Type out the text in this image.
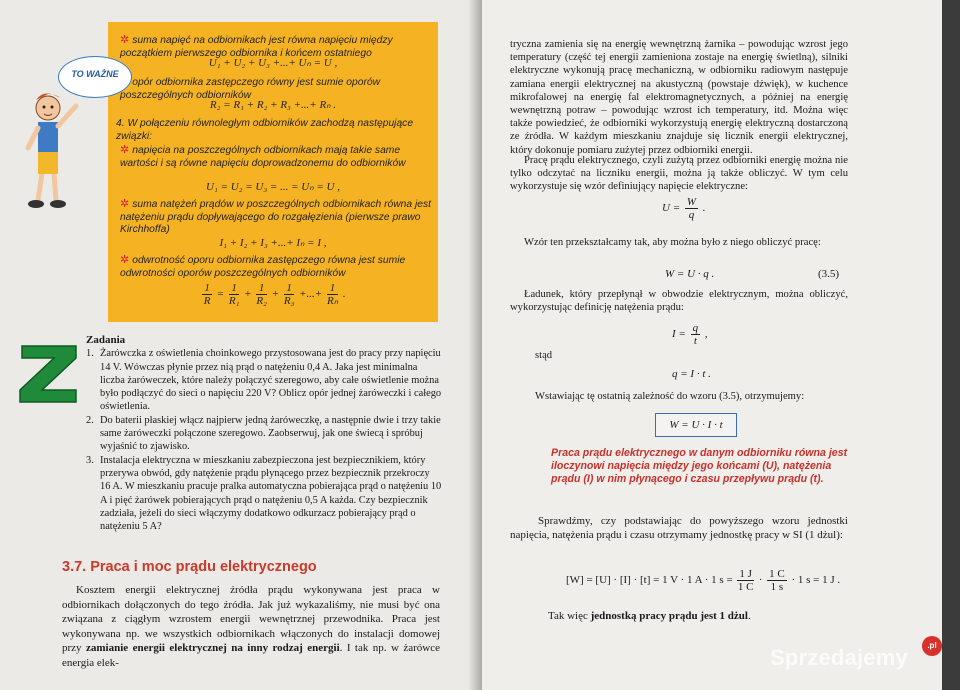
✲ suma napięć na odbiornikach jest równa napięciu między początkiem pierwszego odbiornika i końcem ostatniego
U₁ + U₂ + U₃ +...+ Uₙ = U ,
opór odbiornika zastępczego równy jest sumie oporów poszczególnych odbiorników
R₂ = R₁ + R₂ + R₃ +...+ Rₙ .
4. W połączeniu równoległym odbiorników zachodzą następujące związki:
✲ napięcia na poszczególnych odbiornikach mają takie same wartości i są równe napięciu doprowadzonemu do odbiorników
U₁ = U₂ = U₃ = ... = Uₙ = U ,
✲ suma natężeń prądów w poszczególnych odbiornikach równa jest natężeniu prądu dopływającego do rozgałęzienia (pierwsze prawo Kirchhoffa)
I₁ + I₂ + I₃ +...+ Iₙ = I ,
✲ odwrotność oporu odbiornika zastępczego równa jest sumie odwrotności oporów poszczególnych odbiorników
$\frac{1}{R} = \frac{1}{\text{R₁}} + \frac{1}{\text{R₂}} + \frac{1}{\text{R₃}}$ +...+ $\frac{1}{\text{Rₙ}}$ .
TO WAŻNE
Zadania
1. Żarówczka z oświetlenia choinkowego przystosowana jest do pracy przy napięciu 14 V. Wówczas płynie przez nią prąd o natężeniu 0,4 A. Jaka jest minimalna liczba żaróweczek, które należy połączyć szeregowo, aby całe oświetlenie można było podłączyć do sieci o napięciu 220 V? Oblicz opór jednej żaróweczki i całego oświetlenia.
2. Do baterii płaskiej włącz najpierw jedną żaróweczkę, a następnie dwie i trzy takie same żaróweczki połączone szeregowo. Zaobserwuj, jak one świecą i spróbuj wyjaśnić to zjawisko.
3. Instalacja elektryczna w mieszkaniu zabezpieczona jest bezpiecznikiem, który przerywa obwód, gdy natężenie prądu płynącego przez bezpiecznik przekroczy 16 A. W mieszkaniu pracuje pralka automatyczna pobierająca prąd o natężeniu 10 A i pięć żarówek pobierających prąd o natężeniu 0,5 A każda. Czy bezpiecznik zadziała, jeżeli do sieci włączymy dodatkowo odkurzacz pobierający prąd o natężeniu 5 A?
3.7. Praca i moc prądu elektrycznego
Kosztem energii elektrycznej źródła prądu wykonywana jest praca w odbiornikach dołączonych do tego źródła. Jak już wykazaliśmy, nie musi być ona związana z ciągłym wzrostem energii wewnętrznej przewodnika. Praca jest wykonywana np. we wszystkich odbiornikach włączonych do instalacji domowej przy zamianie energii elektrycznej na inny rodzaj energii. I tak np. w żarówce energia elek-
tryczna zamienia się na energię wewnętrzną żarnika – powodując wzrost jego temperatury (część tej energii zamieniona zostaje na energię świetlną), silniki elektryczne wykonują pracę mechaniczną, w odbiorniku radiowym następuje zamiana energii elektrycznej na akustyczną (powstaje dźwięk), w kuchence mikrofalowej na energię fal elektromagnetycznych, a później na energię wewnętrzną potraw – powodując wzrost ich temperatury, itd. Można więc także powiedzieć, że odbiorniki wykorzystują energię elektryczną dostarczoną ze źródła. W każdym mieszkaniu znajduje się licznik energii elektrycznej, który dokonuje pomiaru zużytej przez odbiorniki energii.
Pracę prądu elektrycznego, czyli zużytą przez odbiorniki energię można nie tylko odczytać na liczniku energii, można ją także obliczyć. W tym celu wykorzystuje się wzór definiujący napięcie elektryczne:
$U = \frac{W}{q}$ .
Wzór ten przekształcamy tak, aby można było z niego obliczyć pracę:
W = U · q .	(3.5)
Ładunek, który przepłynął w obwodzie elektrycznym, można obliczyć, wykorzystując definicję natężenia prądu:
$I = \frac{q}{t}$ ,
stąd
q = I · t .
Wstawiając tę ostatnią zależność do wzoru (3.5), otrzymujemy:
W = U · I · t
Praca prądu elektrycznego w danym odbiorniku równa jest iloczynowi napięcia między jego końcami (U), natężenia prądu (I) w nim płynącego i czasu przepływu prądu (t).
Sprawdźmy, czy podstawiając do powyższego wzoru jednostki napięcia, natężenia prądu i czasu otrzymamy jednostkę pracy w SI (1 dżul):
[W] = [U] · [I] · [t] = 1 V · 1 A · 1 $s = \frac{1 J}{1 C} \cdot \frac{1 C}{1 s} \cdot 1$ s = 1 J .
Tak więc jednostką pracy prądu jest 1 dżul.
Sprzedajemy	.pl
